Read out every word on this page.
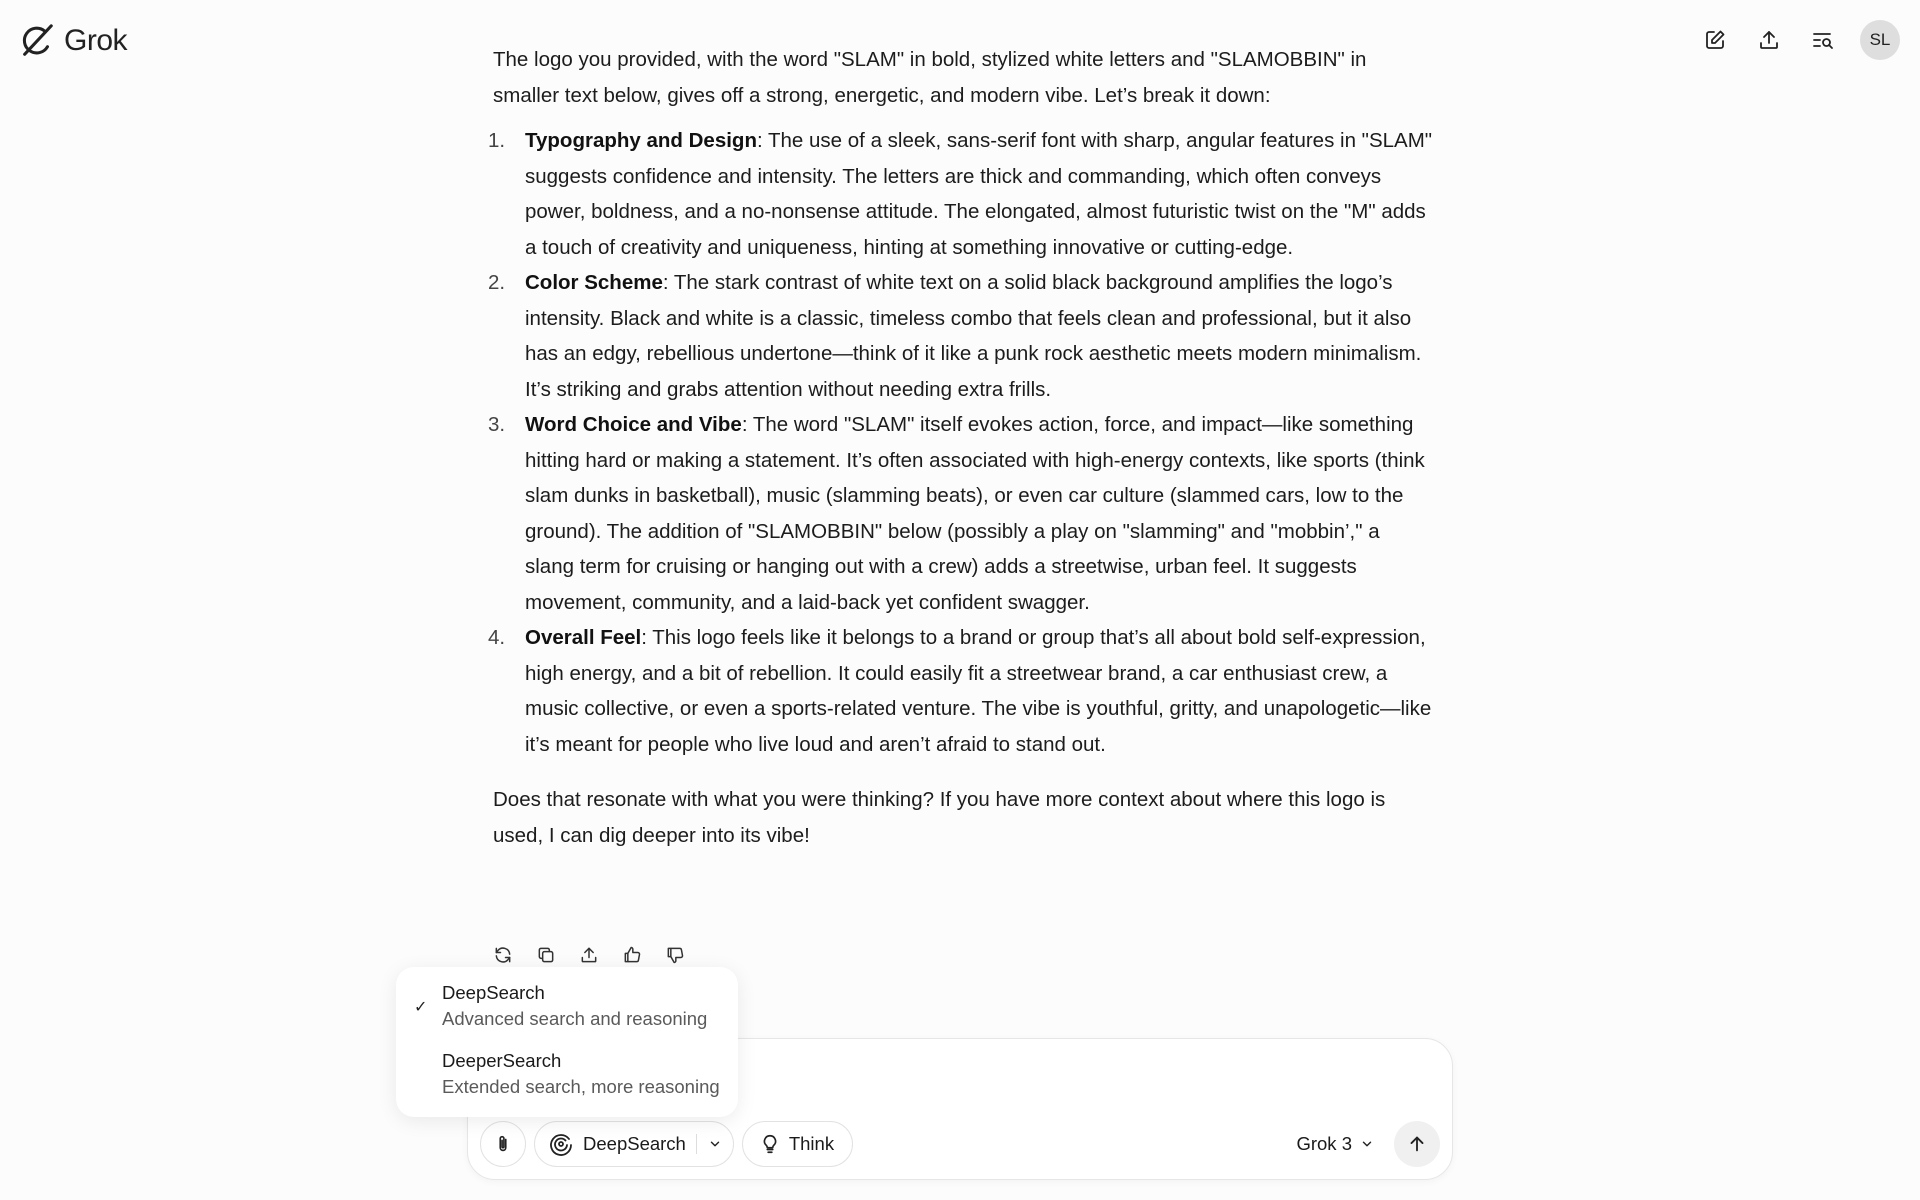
Grok	SL

The logo you provided, with the word "SLAM" in bold, stylized white letters and "SLAMOBBIN" in smaller text below, gives off a strong, energetic, and modern vibe. Let’s break it down:

1. Typography and Design: The use of a sleek, sans-serif font with sharp, angular features in "SLAM" suggests confidence and intensity. The letters are thick and commanding, which often conveys power, boldness, and a no-nonsense attitude. The elongated, almost futuristic twist on the "M" adds a touch of creativity and uniqueness, hinting at something innovative or cutting-edge.
2. Color Scheme: The stark contrast of white text on a solid black background amplifies the logo’s intensity. Black and white is a classic, timeless combo that feels clean and professional, but it also has an edgy, rebellious undertone—think of it like a punk rock aesthetic meets modern minimalism. It’s striking and grabs attention without needing extra frills.
3. Word Choice and Vibe: The word "SLAM" itself evokes action, force, and impact—like something hitting hard or making a statement. It’s often associated with high-energy contexts, like sports (think slam dunks in basketball), music (slamming beats), or even car culture (slammed cars, low to the ground). The addition of "SLAMOBBIN" below (possibly a play on "slamming" and "mobbin’," a slang term for cruising or hanging out with a crew) adds a streetwise, urban feel. It suggests movement, community, and a laid-back yet confident swagger.
4. Overall Feel: This logo feels like it belongs to a brand or group that’s all about bold self-expression, high energy, and a bit of rebellion. It could easily fit a streetwear brand, a car enthusiast crew, a music collective, or even a sports-related venture. The vibe is youthful, gritty, and unapologetic—like it’s meant for people who live loud and aren’t afraid to stand out.

Does that resonate with what you were thinking? If you have more context about where this logo is used, I can dig deeper into its vibe!

DeepSearch	Think	Grok 3
✓
DeepSearch
Advanced search and reasoning
DeeperSearch
Extended search, more reasoning
